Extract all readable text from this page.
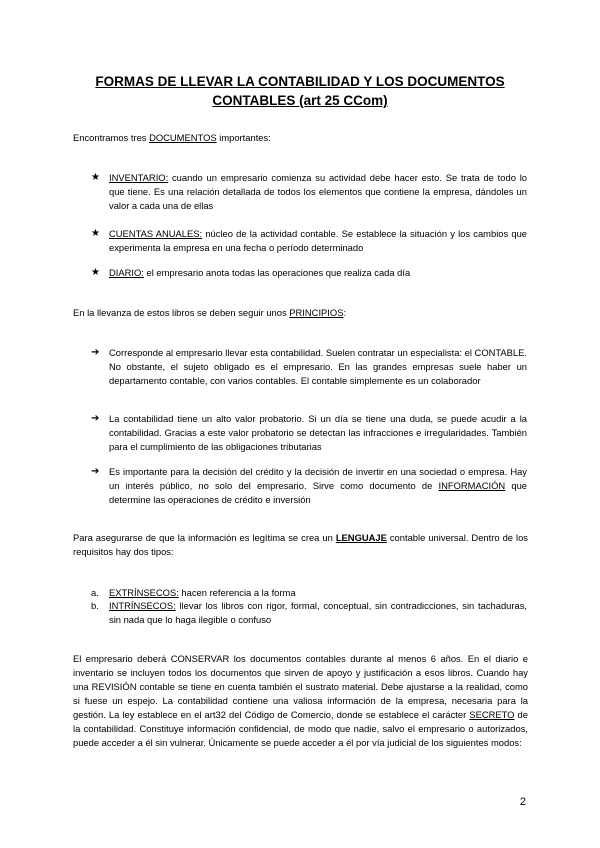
FORMAS DE LLEVAR LA CONTABILIDAD Y LOS DOCUMENTOS
CONTABLES (art 25 CCom)
Encontramos tres DOCUMENTOS importantes:
★ INVENTARIO: cuando un empresario comienza su actividad debe hacer esto. Se trata de todo lo que tiene. Es una relación detallada de todos los elementos que contiene la empresa, dándoles un valor a cada una de ellas
★ CUENTAS ANUALES: núcleo de la actividad contable. Se establece la situación y los cambios que experimenta la empresa en una fecha o período determinado
★ DIARIO: el empresario anota todas las operaciones que realiza cada día
En la llevanza de estos libros se deben seguir unos PRINCIPIOS:
➔ Corresponde al empresario llevar esta contabilidad. Suelen contratar un especialista: el CONTABLE. No obstante, el sujeto obligado es el empresario. En las grandes empresas suele haber un departamento contable, con varios contables. El contable simplemente es un colaborador
➔ La contabilidad tiene un alto valor probatorio. Si un día se tiene una duda, se puede acudir a la contabilidad. Gracias a este valor probatorio se detectan las infracciones e irregularidades. También para el cumplimiento de las obligaciones tributarias
➔ Es importante para la decisión del crédito y la decisión de invertir en una sociedad o empresa. Hay un interés público, no solo del empresario. Sirve como documento de INFORMACIÓN que determine las operaciones de crédito e inversión
Para asegurarse de que la información es legítima se crea un LENGUAJE contable universal. Dentro de los requisitos hay dos tipos:
a. EXTRÍNSECOS: hacen referencia a la forma
b. INTRÍNSECOS: llevar los libros con rigor, formal, conceptual, sin contradicciones, sin tachaduras, sin nada que lo haga ilegible o confuso
El empresario deberá CONSERVAR los documentos contables durante al menos 6 años. En el diario e inventario se incluyen todos los documentos que sirven de apoyo y justificación a esos libros. Cuando hay una REVISIÓN contable se tiene en cuenta también el sustrato material. Debe ajustarse a la realidad, como si fuese un espejo. La contabilidad contiene una valiosa información de la empresa, necesaria para la gestión. La ley establece en el art32 del Código de Comercio, donde se establece el carácter SECRETO de la contabilidad. Constituye información confidencial, de modo que nadie, salvo el empresario o autorizados, puede acceder a él sin vulnerar. Únicamente se puede acceder a él por vía judicial de los siguientes modos:
2
